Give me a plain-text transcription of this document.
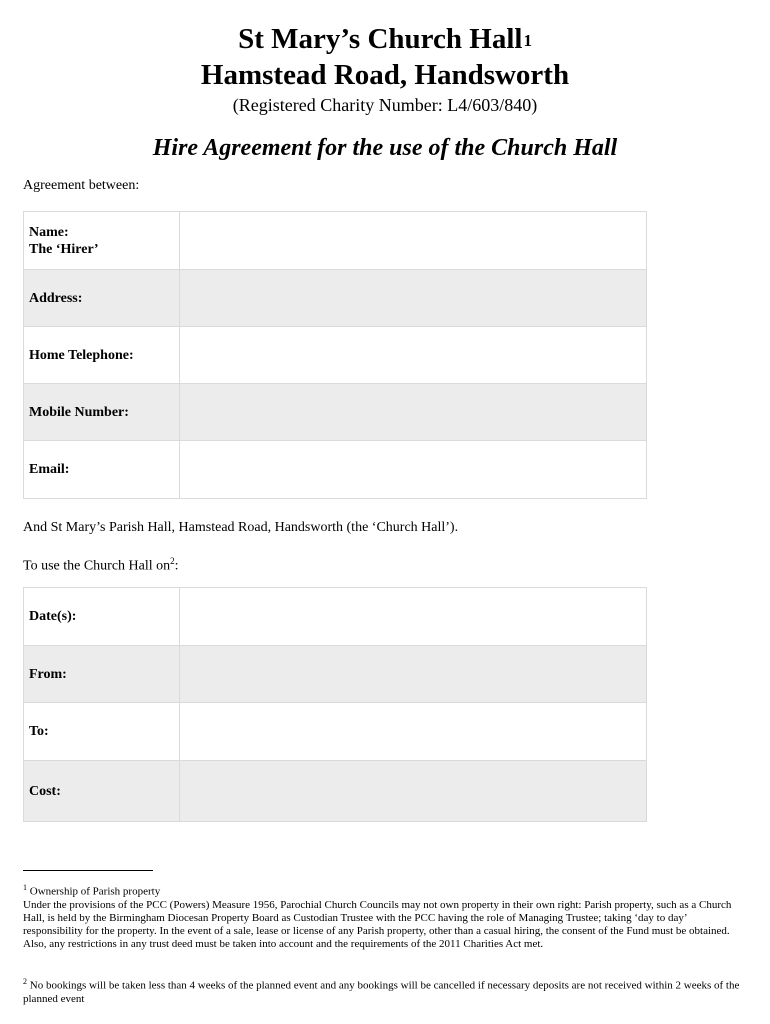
St Mary’s Church Hall$^1$
Hamstead Road, Handsworth
(Registered Charity Number: L4/603/840)
Hire Agreement for the use of the Church Hall
Agreement between:
Name:
The ‘Hirer’	

Address:	
Home Telephone:	
Mobile Number:	
Email:	
And St Mary’s Parish Hall, Hamstead Road, Handsworth (the ‘Church Hall’).
To use the Church Hall $on^2$:
Date(s):	
From:	
To:	
Cost:	
$^1$ Ownership of Parish property
Under the provisions of the PCC (Powers) Measure 1956, Parochial Church Councils may not own property in their own right: Parish property, such as a Church Hall, is held by the Birmingham Diocesan Property Board as Custodian Trustee with the PCC having the role of Managing Trustee; taking ‘day to day’ responsibility for the property. In the event of a sale, lease or license of any Parish property, other than a casual hiring, the consent of the Fund must be obtained. Also, any restrictions in any trust deed must be taken into account and the requirements of the 2011 Charities Act met.
$^2$ No bookings will be taken less than 4 weeks of the planned event and any bookings will be cancelled if necessary deposits are not received within 2 weeks of the planned event
